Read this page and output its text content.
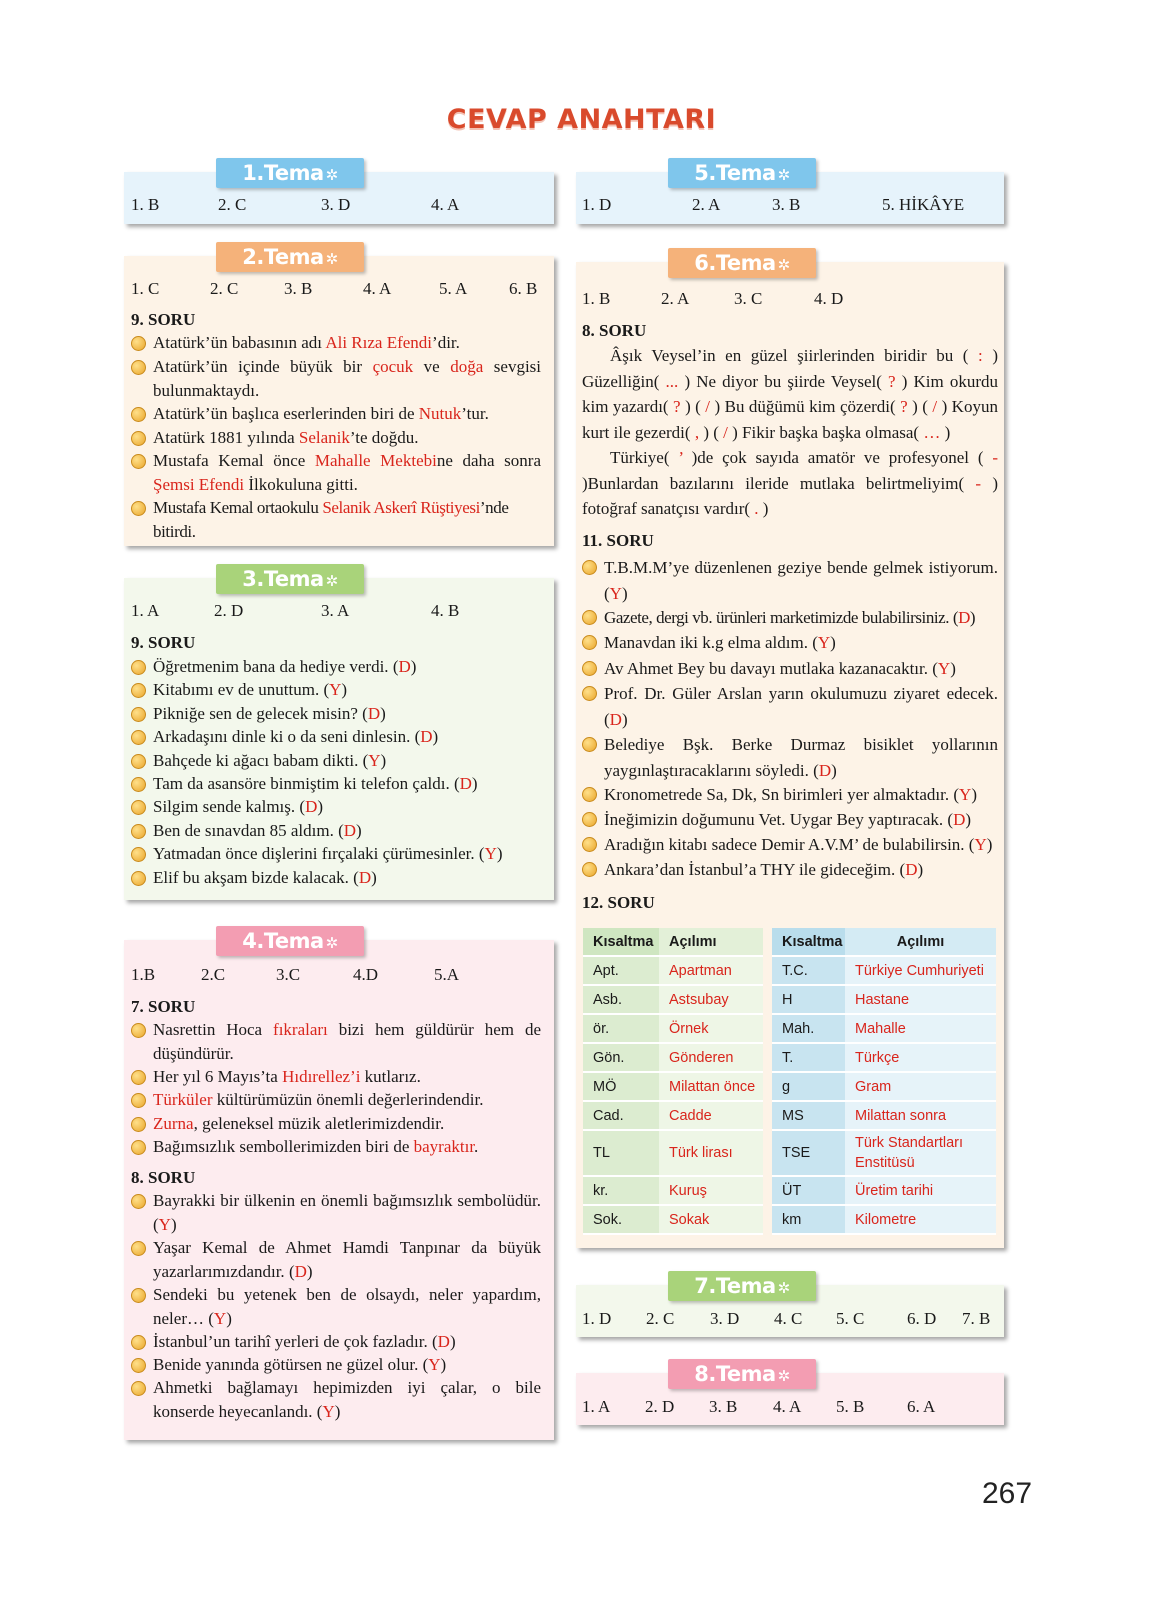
CEVAP ANAHTARI
1.Tema ✲
1. B	2. C	3. D	4. A
2.Tema ✲
1. C	2. C	3. B	4. A	5. A 6. B
9. SORU
Atatürk’ün babasının adı Ali Rıza Efendi’dir.
Atatürk’ün içinde büyük bir çocuk ve doğa sevgisi bulunmaktaydı.
Atatürk’ün başlıca eserlerinden biri de Nutuk’tur.
Atatürk 1881 yılında Selanik’te doğdu.
Mustafa Kemal önce Mahalle Mektebine daha sonra Şemsi Efendi İlkokuluna gitti.
Mustafa Kemal ortaokulu Selanik Askerî Rüştiyesi’nde bitirdi.
3.Tema ✲
1. A	2. D	3. A	4. B
9. SORU
Öğretmenim bana da hediye verdi. (D)
Kitabımı ev de unuttum. (Y)
Pikniğe sen de gelecek misin? (D)
Arkadaşını dinle ki o da seni dinlesin. (D)
Bahçede ki ağacı babam dikti. (Y)
Tam da asansöre binmiştim ki telefon çaldı. (D)
Silgim sende kalmış. (D)
Ben de sınavdan 85 aldım. (D)
Yatmadan önce dişlerini fırçalaki çürümesinler. (Y)
Elif bu akşam bizde kalacak. (D)
4.Tema ✲
1.B	2.C	3.C	4.D	5.A
7. SORU
Nasrettin Hoca fıkraları bizi hem güldürür hem de düşündürür.
Her yıl 6 Mayıs’ta Hıdırellez’i kutlarız.
Türküler kültürümüzün önemli değerlerindendir.
Zurna, geleneksel müzik aletlerimizdendir.
Bağımsızlık sembollerimizden biri de bayraktır.
8. SORU
Bayrakki bir ülkenin en önemli bağımsızlık sembolüdür. (Y)
Yaşar Kemal de Ahmet Hamdi Tanpınar da büyük yazarlarımızdandır. (D)
Sendeki bu yetenek ben de olsaydı, neler yapardım, neler… (Y)
İstanbul’un tarihî yerleri de çok fazladır. (D)
Benide yanında götürsen ne güzel olur. (Y)
Ahmetki bağlamayı hepimizden iyi çalar, o bile konserde heyecanlandı. (Y)
5.Tema ✲
1. D	2. A	3. B	5. HİKÂYE
6.Tema ✲
1. B	2. A	3. C	4. D
8. SORU
Âşık Veysel’in en güzel şiirlerinden biridir bu ( : ) Güzelliğin( ... ) Ne diyor bu şiirde Veysel( ? ) Kim okurdu kim yazardı( ? ) ( / ) Bu düğümü kim çözerdi( ? ) ( / ) Koyun kurt ile gezerdi( , ) ( / ) Fikir başka başka olmasa( … )
Türkiye( ’ )de çok sayıda amatör ve profesyonel ( - )Bunlardan bazılarını ileride mutlaka belirtmeliyim( - ) fotoğraf sanatçısı vardır( . )
11. SORU
T.B.M.M’ye düzenlenen geziye bende gelmek istiyorum. (Y)
Gazete, dergi vb. ürünleri marketimizde bulabilirsiniz. (D)
Manavdan iki k.g elma aldım. (Y)
Av Ahmet Bey bu davayı mutlaka kazanacaktır. (Y)
Prof. Dr. Güler Arslan yarın okulumuzu ziyaret edecek. (D)
Belediye Bşk. Berke Durmaz bisiklet yollarının yaygınlaştıracaklarını söyledi. (D)
Kronometrede Sa, Dk, Sn birimleri yer almaktadır. (Y)
İneğimizin doğumunu Vet. Uygar Bey yaptıracak. (D)
Aradığın kitabı sadece Demir A.V.M’ de bulabilirsin. (Y)
Ankara’dan İstanbul’a THY ile gideceğim. (D)
12. SORU
Kısaltma	Açılımı
Apt.	Apartman
Asb.	Astsubay
ör.	Örnek
Gön.	Gönderen
MÖ	Milattan önce
Cad.	Cadde
TL	Türk lirası
kr.	Kuruş
Sok.	Sokak
Kısaltma	Açılımı
T.C.	Türkiye Cumhuriyeti
H	Hastane
Mah.	Mahalle
T.	Türkçe
g	Gram
MS	Milattan sonra
TSE	Türk Standartları Enstitüsü
ÜT	Üretim tarihi
km	Kilometre
7.Tema ✲
1. D 2. C 3. D 4. C 5. C	6. D 7. B
8.Tema ✲
1. A 2. D 3. B 4. A 5. B	6. A
267
